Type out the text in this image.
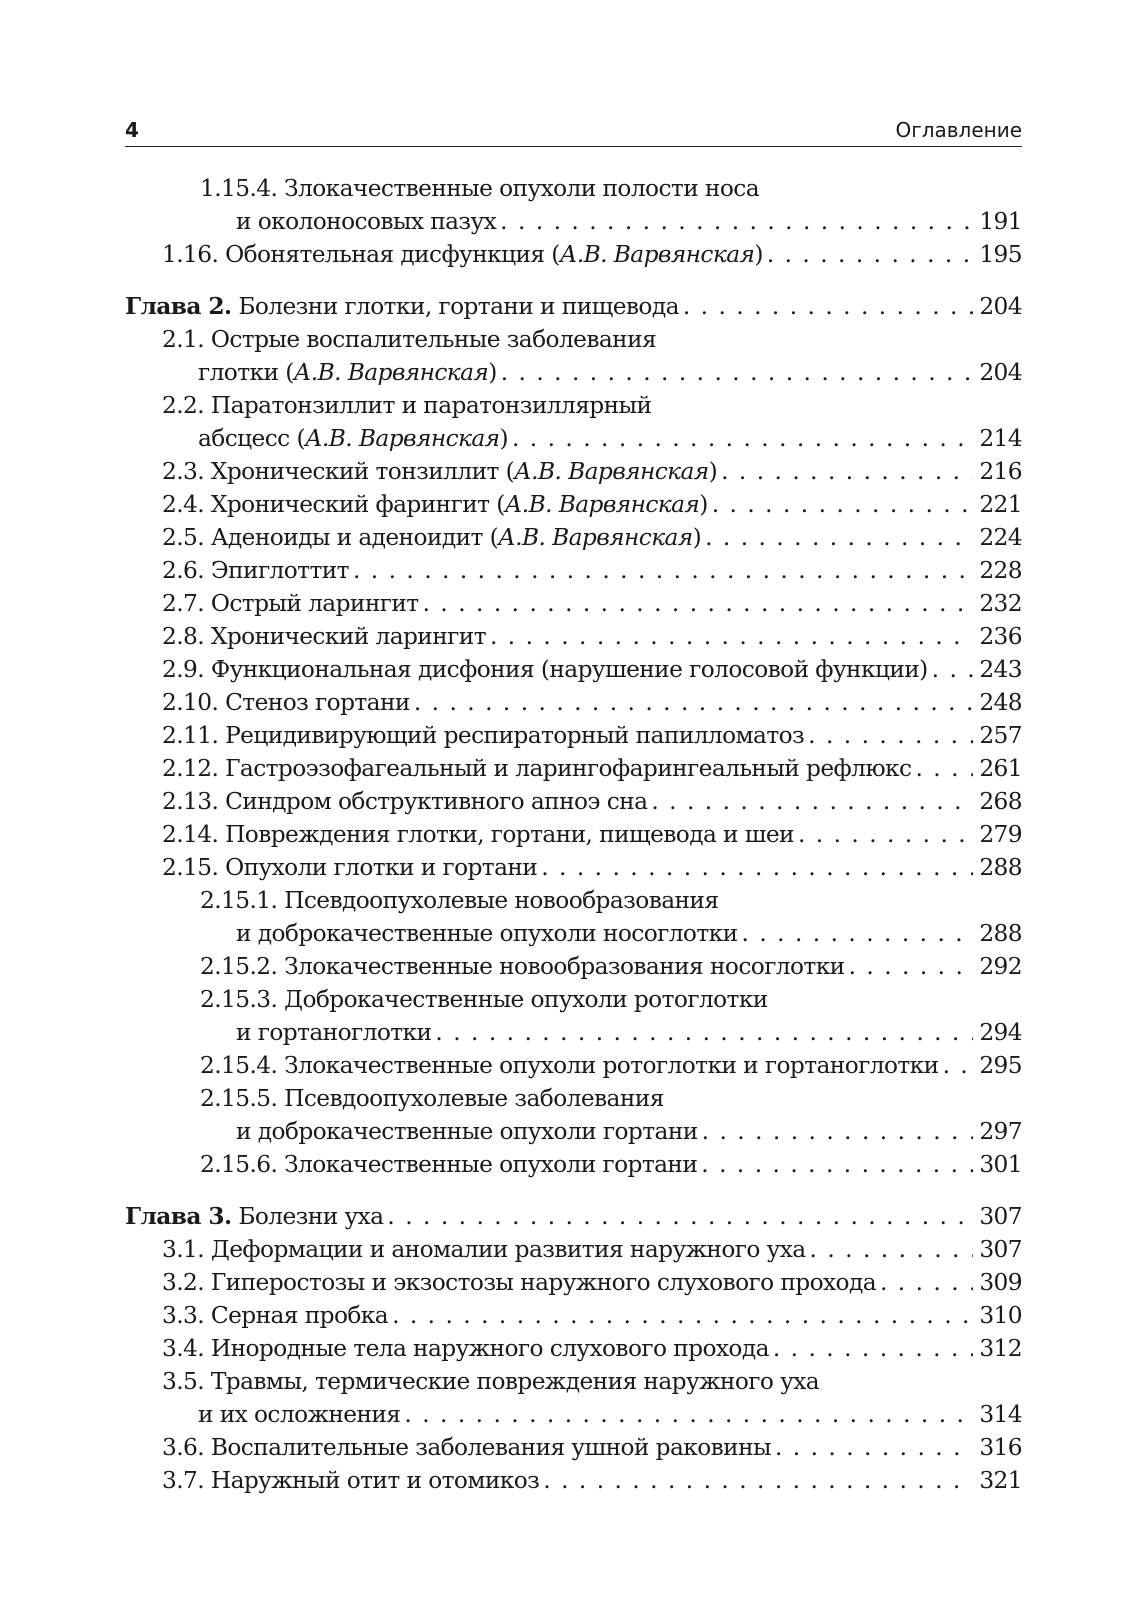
4	Оглавление
1.15.4. Злокачественные опухоли полости носа
и околоносовых пазух . . .	191
1.16. Обонятельная дисфункция (А.В. Варвянская) . . .	195
Глава 2. Болезни глотки, гортани и пищевода . . .	204
2.1. Острые воспалительные заболевания
глотки (А.В. Варвянская) . . .	204
2.2. Паратонзиллит и паратонзиллярный
абсцесс (А.В. Варвянская) . . .	214
2.3. Хронический тонзиллит (А.В. Варвянская) . . .	216
2.4. Хронический фарингит (А.В. Варвянская) . . .	221
2.5. Аденоиды и аденоидит (А.В. Варвянская) . . .	224
2.6. Эпиглоттит . . .	228
2.7. Острый ларингит . . .	232
2.8. Хронический ларингит . . .	236
2.9. Функциональная дисфония (нарушение голосовой функции) . . . 243
2.10. Стеноз гортани . . .	248
2.11. Рецидивирующий респираторный папилломатоз . . .	257
2.12. Гастроэзофагеальный и ларингофарингеальный рефлюкс . . .	261
2.13. Синдром обструктивного апноэ сна . . .	268
2.14. Повреждения глотки, гортани, пищевода и шеи . . .	279
2.15. Опухоли глотки и гортани . . .	288
2.15.1. Псевдоопухолевые новообразования
и доброкачественные опухоли носоглотки . . .	288
2.15.2. Злокачественные новообразования носоглотки . . .	292
2.15.3. Доброкачественные опухоли ротоглотки
и гортаноглотки . . .	294
2.15.4. Злокачественные опухоли ротоглотки и гортаноглотки . . . 295
2.15.5. Псевдоопухолевые заболевания
и доброкачественные опухоли гортани . . .	297
2.15.6. Злокачественные опухоли гортани . . .	301
Глава 3. Болезни уха . . .	307
3.1. Деформации и аномалии развития наружного уха . . .	307
3.2. Гиперостозы и экзостозы наружного слухового прохода . . .	309
3.3. Серная пробка . . .	310
3.4. Инородные тела наружного слухового прохода . . .	312
3.5. Травмы, термические повреждения наружного уха
и их осложнения . . .	314
3.6. Воспалительные заболевания ушной раковины . . .	316
3.7. Наружный отит и отомикоз . . .	321
